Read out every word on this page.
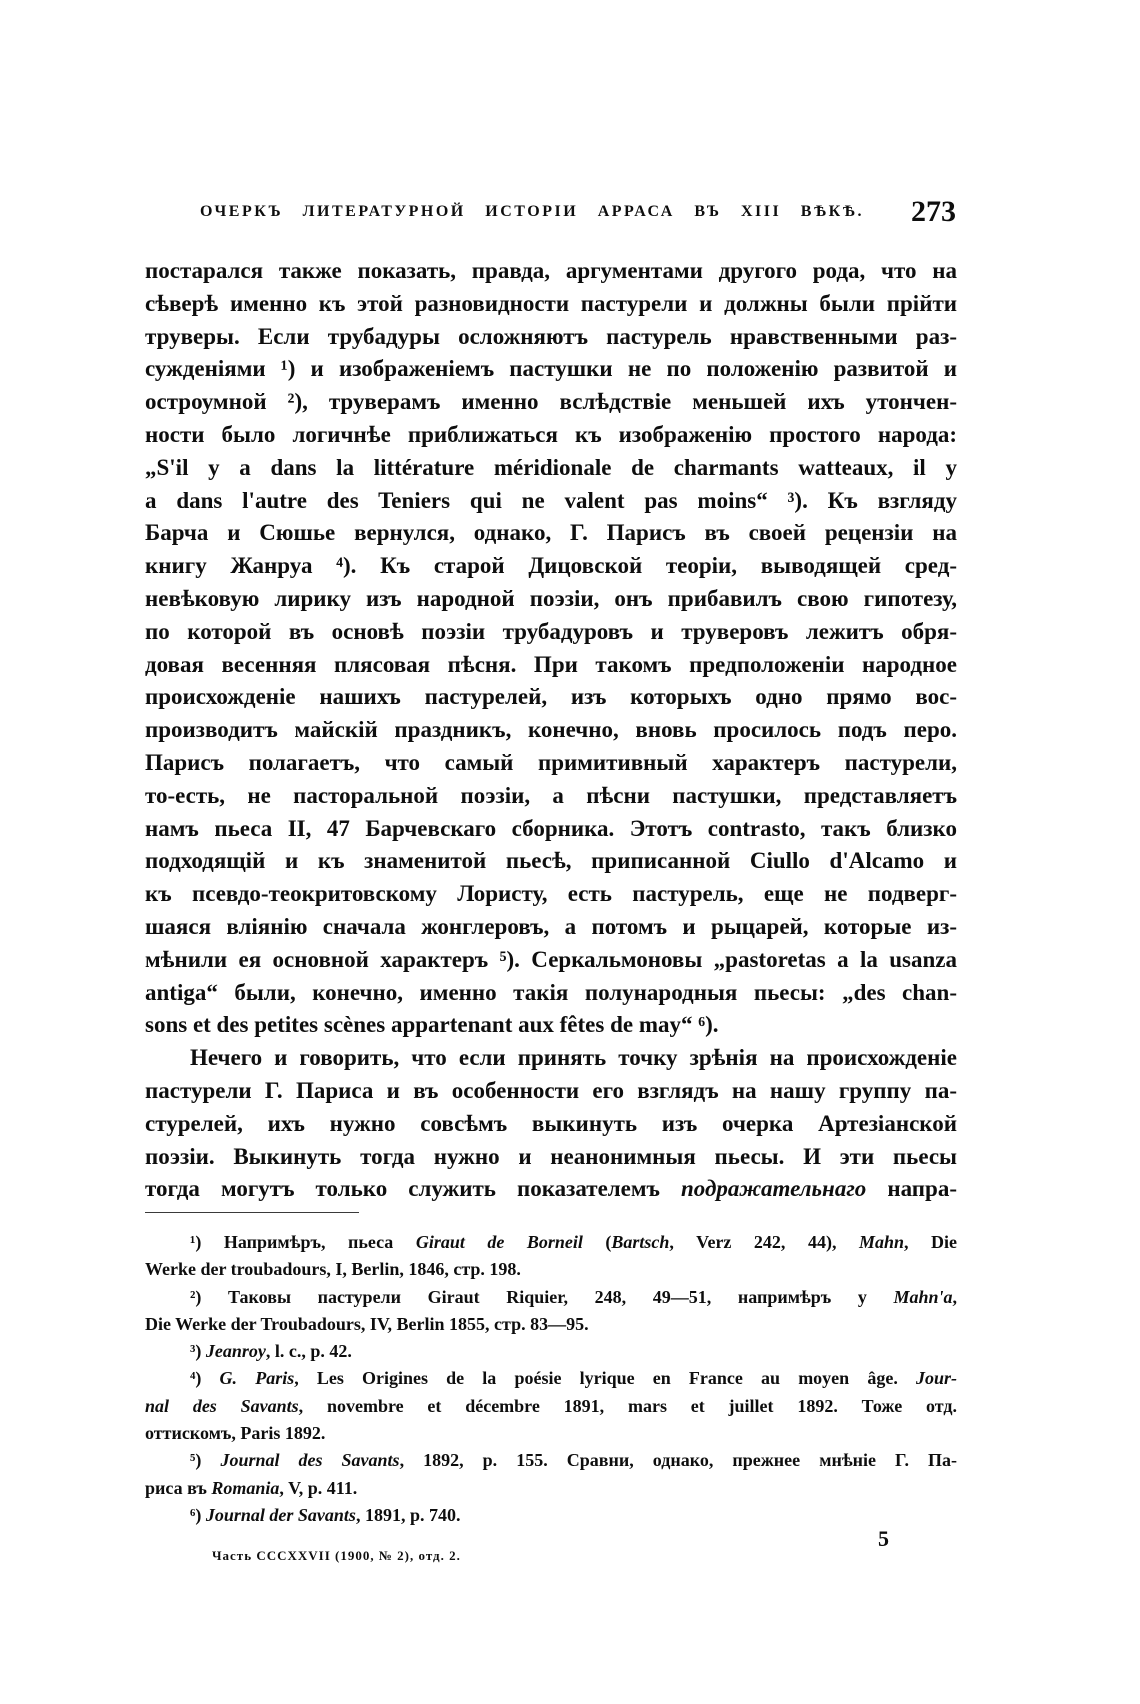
ОЧЕРКЪ ЛИТЕРАТУРНОЙ ИСТОРІИ АРРАСА ВЪ XIII ВѢКѢ. 273
постарался также показать, правда, аргументами другого рода, что на
сѣверѣ именно къ этой разновидности пастурели и должны были прійти
труверы. Если трубадуры осложняютъ пастурель нравственными раз-
сужденіями ¹) и изображеніемъ пастушки не по положенію развитой и
остроумной ²), труверамъ именно вслѣдствіе меньшей ихъ утончен-
ности было логичнѣе приближаться къ изображенію простого народа:
„S'il y a dans la littérature méridionale de charmants watteaux, il y
a dans l'autre des Teniers qui ne valent pas moins“ ³). Къ взгляду
Барча и Сюшье вернулся, однако, Г. Парисъ въ своей рецензіи на
книгу Жанруа ⁴). Къ старой Дицовской теоріи, выводящей сред-
невѣковую лирику изъ народной поэзіи, онъ прибавилъ свою гипотезу,
по которой въ основѣ поэзіи трубадуровъ и труверовъ лежитъ обря-
довая весенняя плясовая пѣсня. При такомъ предположеніи народное
происхожденіе нашихъ пастурелей, изъ которыхъ одно прямо вос-
производитъ майскій праздникъ, конечно, вновь просилось подъ перо.
Парисъ полагаетъ, что самый примитивный характеръ пастурели,
то-есть, не пасторальной поэзіи, а пѣсни пастушки, представляетъ
намъ пьеса II, 47 Барчевскаго сборника. Этотъ contrasto, такъ близко
подходящій и къ знаменитой пьесѣ, приписанной Ciullo d'Alcamo и
къ псевдо-теокритовскому Лористу, есть пастурель, еще не подверг-
шаяся вліянію сначала жонглеровъ, а потомъ и рыцарей, которые из-
мѣнили ея основной характеръ ⁵). Серкальмоновы „pastoretas a la usanza
antiga“ были, конечно, именно такія полународныя пьесы: „des chan-
sons et des petites scènes appartenant aux fêtes de may“ ⁶).
Нечего и говорить, что если принять точку зрѣнія на происхожденіе
пастурели Г. Париса и въ особенности его взглядъ на нашу группу па-
стурелей, ихъ нужно совсѣмъ выкинуть изъ очерка Артезіанской
поэзіи. Выкинуть тогда нужно и неанонимныя пьесы. И эти пьесы
тогда могутъ только служить показателемъ подражательнаго напра-
¹) Напримѣръ, пьеса Giraut de Borneil (Bartsch, Verz 242, 44), Mahn, Die
Werke der troubadours, I, Berlin, 1846, стр. 198.
²) Таковы пастурели Giraut Riquier, 248, 49—51, напримѣръ у Mahn'a,
Die Werke der Troubadours, IV, Berlin 1855, стр. 83—95.
³) Jeanroy, l. c., p. 42.
⁴) G. Paris, Les Origines de la poésie lyrique en France au moyen âge. Jour-
nal des Savants, novembre et décembre 1891, mars et juillet 1892. Тоже отд.
оттискомъ, Paris 1892.
⁵) Journal des Savants, 1892, p. 155. Сравни, однако, прежнее мнѣніе Г. Па-
риса въ Romania, V, p. 411.
⁶) Journal der Savants, 1891, p. 740.
5
Часть CCCXXVII (1900, № 2), отд. 2.
